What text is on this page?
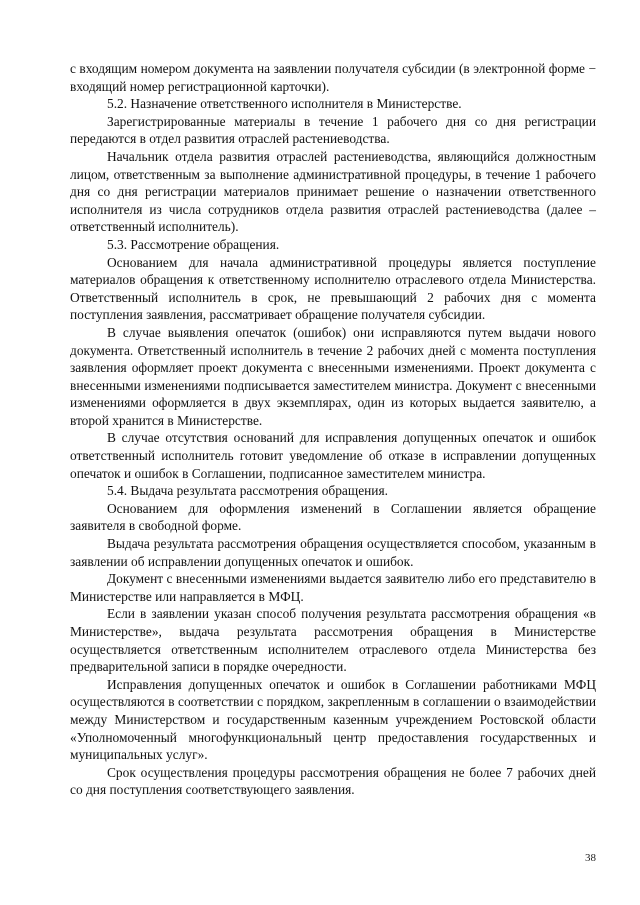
с входящим номером документа на заявлении получателя субсидии (в электронной форме − входящий номер регистрационной карточки).

5.2. Назначение ответственного исполнителя в Министерстве.

Зарегистрированные материалы в течение 1 рабочего дня со дня регистрации передаются в отдел развития отраслей растениеводства.

Начальник отдела развития отраслей растениеводства, являющийся должностным лицом, ответственным за выполнение административной процедуры, в течение 1 рабочего дня со дня регистрации материалов принимает решение о назначении ответственного исполнителя из числа сотрудников отдела развития отраслей растениеводства (далее – ответственный исполнитель).

5.3. Рассмотрение обращения.

Основанием для начала административной процедуры является поступление материалов обращения к ответственному исполнителю отраслевого отдела Министерства. Ответственный исполнитель в срок, не превышающий 2 рабочих дня с момента поступления заявления, рассматривает обращение получателя субсидии.

В случае выявления опечаток (ошибок) они исправляются путем выдачи нового документа. Ответственный исполнитель в течение 2 рабочих дней с момента поступления заявления оформляет проект документа с внесенными изменениями. Проект документа с внесенными изменениями подписывается заместителем министра. Документ с внесенными изменениями оформляется в двух экземплярах, один из которых выдается заявителю, а второй хранится в Министерстве.

В случае отсутствия оснований для исправления допущенных опечаток и ошибок ответственный исполнитель готовит уведомление об отказе в исправлении допущенных опечаток и ошибок в Соглашении, подписанное заместителем министра.

5.4. Выдача результата рассмотрения обращения.

Основанием для оформления изменений в Соглашении является обращение заявителя в свободной форме.

Выдача результата рассмотрения обращения осуществляется способом, указанным в заявлении об исправлении допущенных опечаток и ошибок.

Документ с внесенными изменениями выдается заявителю либо его представителю в Министерстве или направляется в МФЦ.

Если в заявлении указан способ получения результата рассмотрения обращения «в Министерстве», выдача результата рассмотрения обращения в Министерстве осуществляется ответственным исполнителем отраслевого отдела Министерства без предварительной записи в порядке очередности.

Исправления допущенных опечаток и ошибок в Соглашении работниками МФЦ осуществляются в соответствии с порядком, закрепленным в соглашении о взаимодействии между Министерством и государственным казенным учреждением Ростовской области «Уполномоченный многофункциональный центр предоставления государственных и муниципальных услуг».

Срок осуществления процедуры рассмотрения обращения не более 7 рабочих дней со дня поступления соответствующего заявления.

38
